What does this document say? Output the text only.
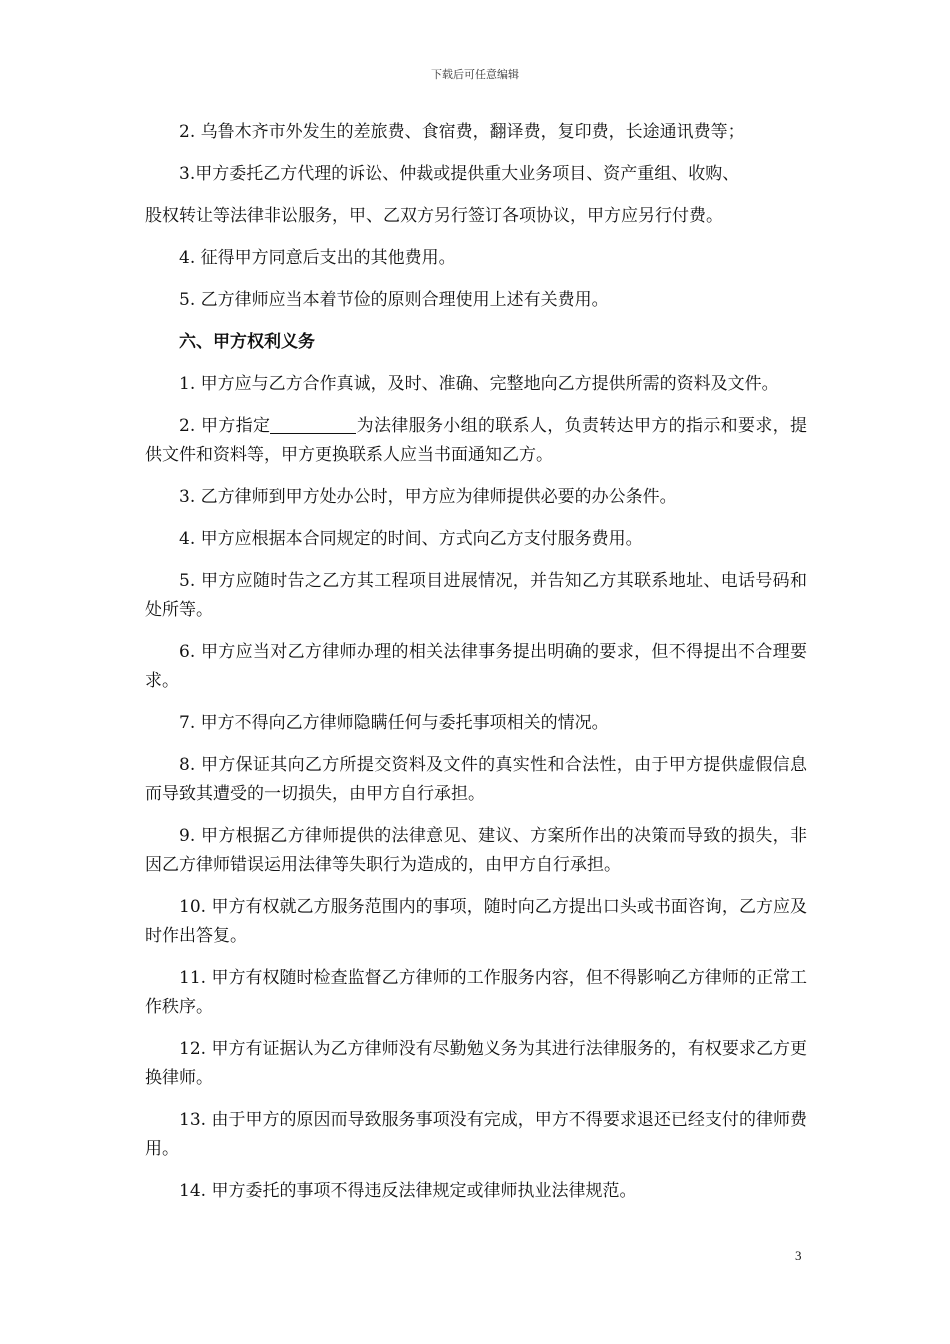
下载后可任意编辑

2. 乌鲁木齐市外发生的差旅费、食宿费，翻译费，复印费，长途通讯费等；

3.甲方委托乙方代理的诉讼、仲裁或提供重大业务项目、资产重组、收购、

股权转让等法律非讼服务，甲、乙双方另行签订各项协议，甲方应另行付费。

4. 征得甲方同意后支出的其他费用。

5. 乙方律师应当本着节俭的原则合理使用上述有关费用。

六、甲方权利义务

1. 甲方应与乙方合作真诚，及时、准确、完整地向乙方提供所需的资料及文件。

2. 甲方指定	为法律服务小组的联系人，负责转达甲方的指示和要求，提供文件和资料等，甲方更换联系人应当书面通知乙方。

3. 乙方律师到甲方处办公时，甲方应为律师提供必要的办公条件。

4. 甲方应根据本合同规定的时间、方式向乙方支付服务费用。

5. 甲方应随时告之乙方其工程项目进展情况，并告知乙方其联系地址、电话号码和处所等。

6. 甲方应当对乙方律师办理的相关法律事务提出明确的要求，但不得提出不合理要求。

7. 甲方不得向乙方律师隐瞒任何与委托事项相关的情况。

8. 甲方保证其向乙方所提交资料及文件的真实性和合法性，由于甲方提供虚假信息而导致其遭受的一切损失，由甲方自行承担。

9. 甲方根据乙方律师提供的法律意见、建议、方案所作出的决策而导致的损失，非因乙方律师错误运用法律等失职行为造成的，由甲方自行承担。

10. 甲方有权就乙方服务范围内的事项，随时向乙方提出口头或书面咨询，乙方应及时作出答复。

11. 甲方有权随时检查监督乙方律师的工作服务内容，但不得影响乙方律师的正常工作秩序。

12. 甲方有证据认为乙方律师没有尽勤勉义务为其进行法律服务的，有权要求乙方更换律师。

13. 由于甲方的原因而导致服务事项没有完成，甲方不得要求退还已经支付的律师费用。

14. 甲方委托的事项不得违反法律规定或律师执业法律规范。

3
